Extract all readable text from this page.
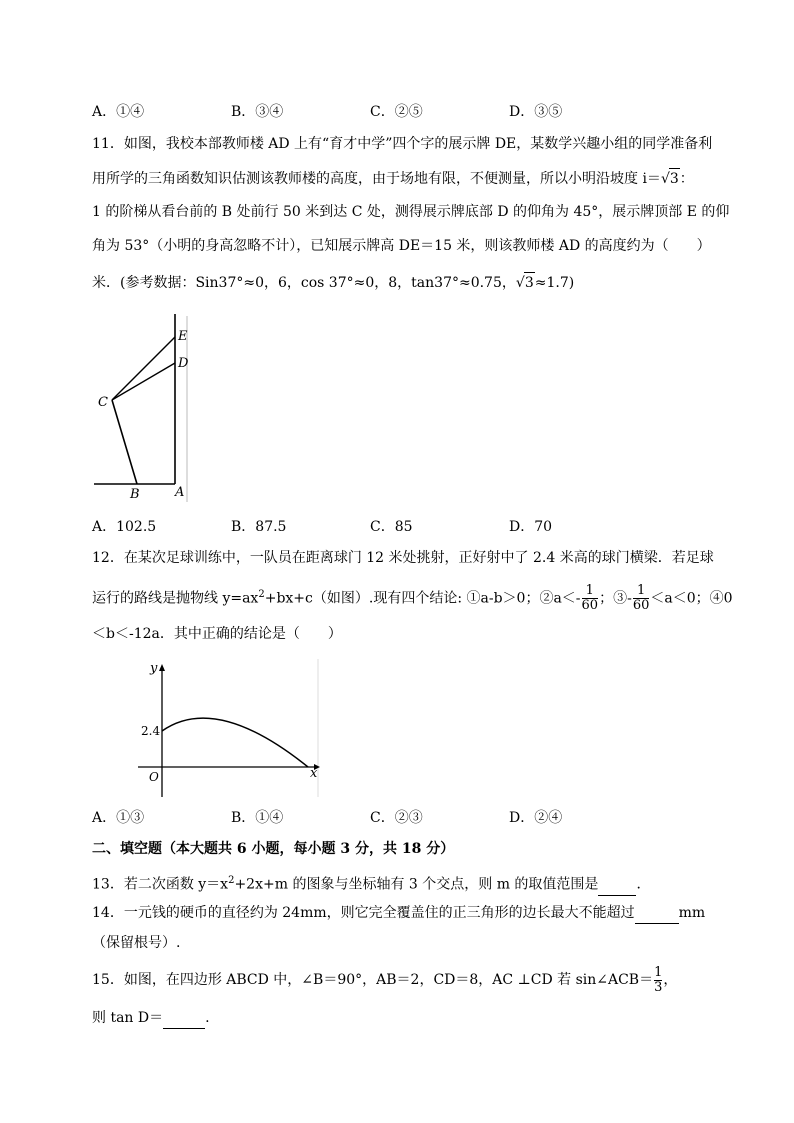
A．①④	B．③④	C．②⑤	D．③⑤
11．如图，我校本部教师楼 AD 上有“育才中学”四个字的展示牌 DE，某数学兴趣小组的同学准备利
用所学的三角函数知识估测该教师楼的高度，由于场地有限，不便测量，所以小明沿坡度 i＝√3：
1 的阶梯从看台前的 B 处前行 50 米到达 C 处，测得展示牌底部 D 的仰角为 45°，展示牌顶部 E 的仰
角为 53°（小明的身高忽略不计），已知展示牌高 DE＝15 米，则该教师楼 AD 的高度约为（　　）
米．(参考数据：Sin37°≈0，6，cos 37°≈0，8，tan37°≈0.75，√3≈1.7)
E
D
C
B	A
A．102.5	B．87.5	C．85	D．70
12．在某次足球训练中，一队员在距离球门 12 米处挑射，正好射中了 2.4 米高的球门横梁．若足球
运行的路线是抛物线 $y=ax^2+bx+c$（如图）.现有四个结论: ①a-b＞0；②a＜- $\frac{1}{60}$ ；③- $\frac{1}{60} <a<0$；④0
＜b＜-12a．其中正确的结论是（　　）
y
2.4
O	x
A．①③	B．①④	C．②③	D．②④
二、填空题（本大题共 6 小题，每小题 3 分，共 18 分）
13．若二次函数 $y=x^2+2x+m$ 的图象与坐标轴有 3 个交点，则 m 的取值范围是	．
14．一元钱的硬币的直径约为 24mm，则它完全覆盖住的正三角形的边长最大不能超过	mm
（保留根号）.
15．如图，在四边形 ABCD 中，∠B＝90°，AB＝2，CD＝8，AC ⊥CD 若 sin∠ACB＝ $\frac{1}{3}$ ，
则 tan D＝	.
